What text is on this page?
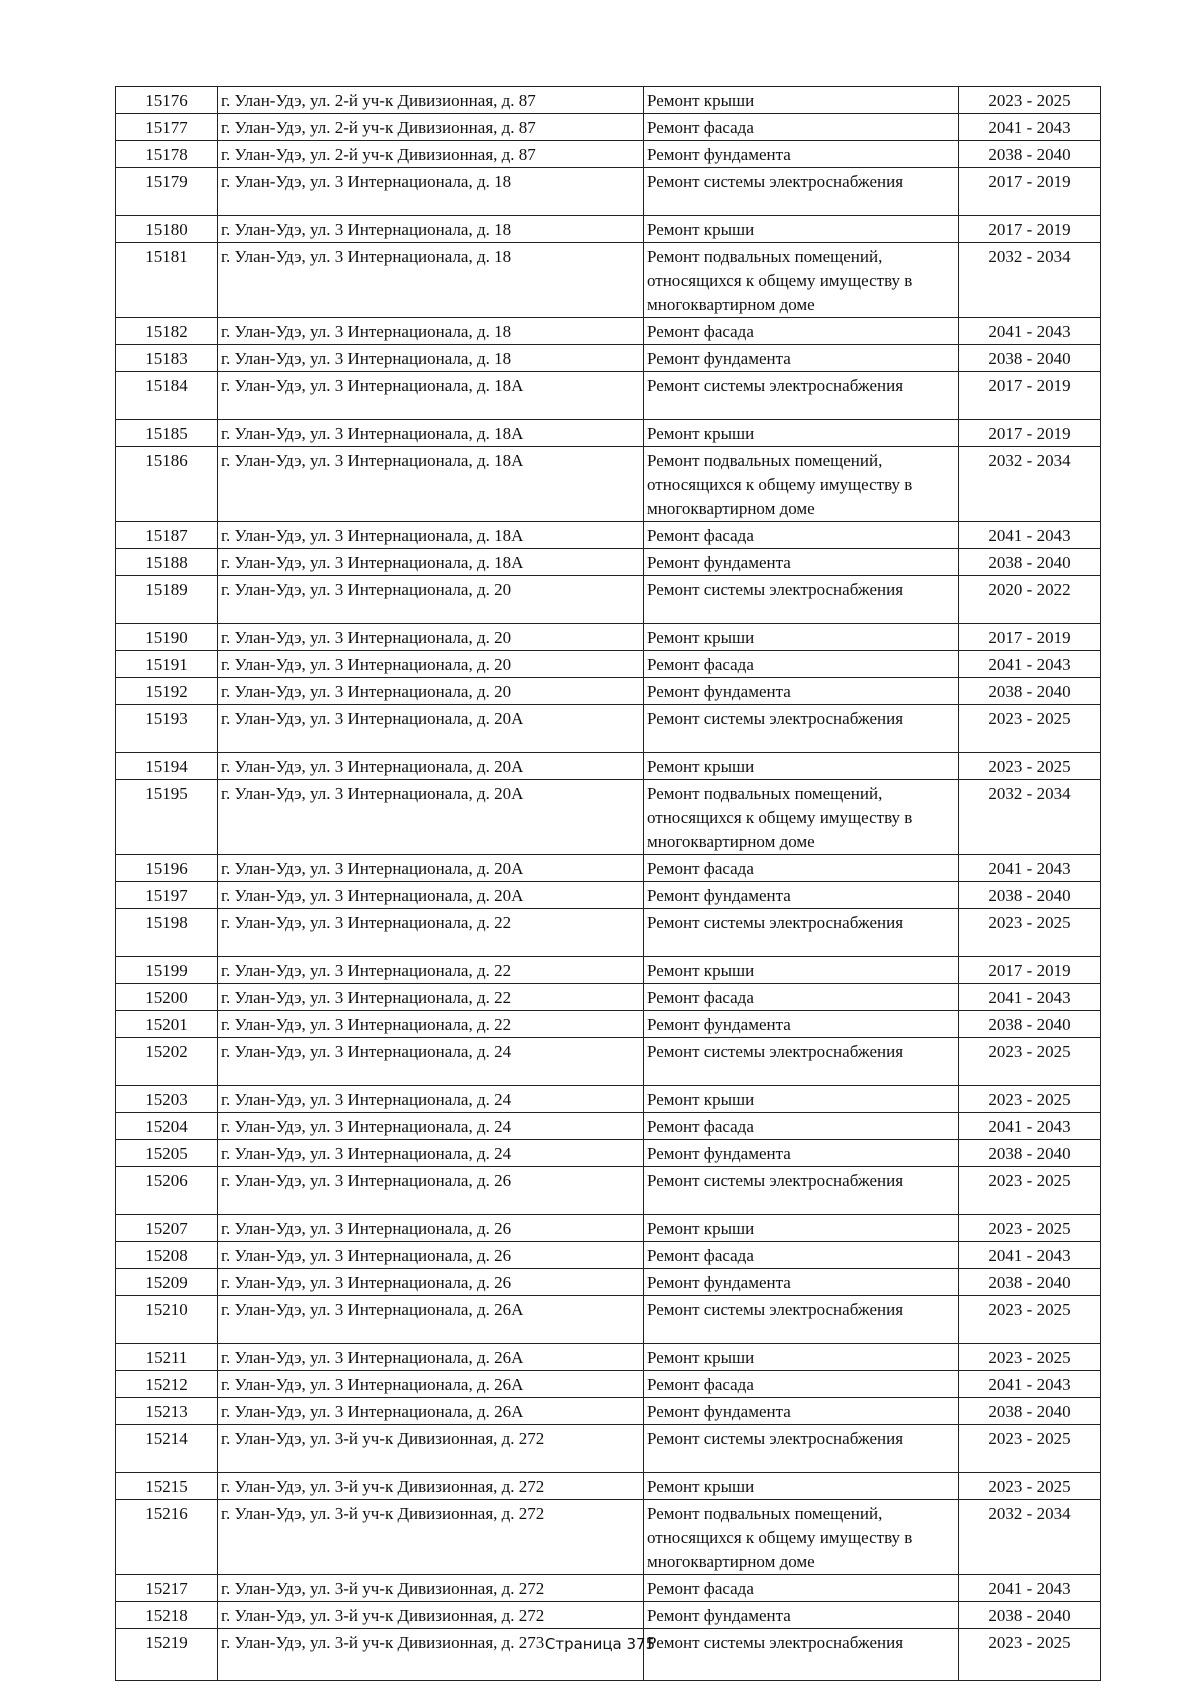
15176	г. Улан-Удэ, ул. 2-й уч-к Дивизионная, д. 87	Ремонт крыши	2023 - 2025
15177	г. Улан-Удэ, ул. 2-й уч-к Дивизионная, д. 87	Ремонт фасада	2041 - 2043
15178	г. Улан-Удэ, ул. 2-й уч-к Дивизионная, д. 87	Ремонт фундамента	2038 - 2040
15179	г. Улан-Удэ, ул. 3 Интернационала, д. 18	Ремонт системы электроснабжения	2017 - 2019
15180	г. Улан-Удэ, ул. 3 Интернационала, д. 18	Ремонт крыши	2017 - 2019
15181	г. Улан-Удэ, ул. 3 Интернационала, д. 18	Ремонт подвальных помещений, относящихся к общему имуществу в многоквартирном доме	2032 - 2034
15182	г. Улан-Удэ, ул. 3 Интернационала, д. 18	Ремонт фасада	2041 - 2043
15183	г. Улан-Удэ, ул. 3 Интернационала, д. 18	Ремонт фундамента	2038 - 2040
15184	г. Улан-Удэ, ул. 3 Интернационала, д. 18А	Ремонт системы электроснабжения	2017 - 2019
15185	г. Улан-Удэ, ул. 3 Интернационала, д. 18А	Ремонт крыши	2017 - 2019
15186	г. Улан-Удэ, ул. 3 Интернационала, д. 18А	Ремонт подвальных помещений, относящихся к общему имуществу в многоквартирном доме	2032 - 2034
15187	г. Улан-Удэ, ул. 3 Интернационала, д. 18А	Ремонт фасада	2041 - 2043
15188	г. Улан-Удэ, ул. 3 Интернационала, д. 18А	Ремонт фундамента	2038 - 2040
15189	г. Улан-Удэ, ул. 3 Интернационала, д. 20	Ремонт системы электроснабжения	2020 - 2022
15190	г. Улан-Удэ, ул. 3 Интернационала, д. 20	Ремонт крыши	2017 - 2019
15191	г. Улан-Удэ, ул. 3 Интернационала, д. 20	Ремонт фасада	2041 - 2043
15192	г. Улан-Удэ, ул. 3 Интернационала, д. 20	Ремонт фундамента	2038 - 2040
15193	г. Улан-Удэ, ул. 3 Интернационала, д. 20А	Ремонт системы электроснабжения	2023 - 2025
15194	г. Улан-Удэ, ул. 3 Интернационала, д. 20А	Ремонт крыши	2023 - 2025
15195	г. Улан-Удэ, ул. 3 Интернационала, д. 20А	Ремонт подвальных помещений, относящихся к общему имуществу в многоквартирном доме	2032 - 2034
15196	г. Улан-Удэ, ул. 3 Интернационала, д. 20А	Ремонт фасада	2041 - 2043
15197	г. Улан-Удэ, ул. 3 Интернационала, д. 20А	Ремонт фундамента	2038 - 2040
15198	г. Улан-Удэ, ул. 3 Интернационала, д. 22	Ремонт системы электроснабжения	2023 - 2025
15199	г. Улан-Удэ, ул. 3 Интернационала, д. 22	Ремонт крыши	2017 - 2019
15200	г. Улан-Удэ, ул. 3 Интернационала, д. 22	Ремонт фасада	2041 - 2043
15201	г. Улан-Удэ, ул. 3 Интернационала, д. 22	Ремонт фундамента	2038 - 2040
15202	г. Улан-Удэ, ул. 3 Интернационала, д. 24	Ремонт системы электроснабжения	2023 - 2025
15203	г. Улан-Удэ, ул. 3 Интернационала, д. 24	Ремонт крыши	2023 - 2025
15204	г. Улан-Удэ, ул. 3 Интернационала, д. 24	Ремонт фасада	2041 - 2043
15205	г. Улан-Удэ, ул. 3 Интернационала, д. 24	Ремонт фундамента	2038 - 2040
15206	г. Улан-Удэ, ул. 3 Интернационала, д. 26	Ремонт системы электроснабжения	2023 - 2025
15207	г. Улан-Удэ, ул. 3 Интернационала, д. 26	Ремонт крыши	2023 - 2025
15208	г. Улан-Удэ, ул. 3 Интернационала, д. 26	Ремонт фасада	2041 - 2043
15209	г. Улан-Удэ, ул. 3 Интернационала, д. 26	Ремонт фундамента	2038 - 2040
15210	г. Улан-Удэ, ул. 3 Интернационала, д. 26А	Ремонт системы электроснабжения	2023 - 2025
15211	г. Улан-Удэ, ул. 3 Интернационала, д. 26А	Ремонт крыши	2023 - 2025
15212	г. Улан-Удэ, ул. 3 Интернационала, д. 26А	Ремонт фасада	2041 - 2043
15213	г. Улан-Удэ, ул. 3 Интернационала, д. 26А	Ремонт фундамента	2038 - 2040
15214	г. Улан-Удэ, ул. 3-й уч-к Дивизионная, д. 272	Ремонт системы электроснабжения	2023 - 2025
15215	г. Улан-Удэ, ул. 3-й уч-к Дивизионная, д. 272	Ремонт крыши	2023 - 2025
15216	г. Улан-Удэ, ул. 3-й уч-к Дивизионная, д. 272	Ремонт подвальных помещений, относящихся к общему имуществу в многоквартирном доме	2032 - 2034
15217	г. Улан-Удэ, ул. 3-й уч-к Дивизионная, д. 272	Ремонт фасада	2041 - 2043
15218	г. Улан-Удэ, ул. 3-й уч-к Дивизионная, д. 272	Ремонт фундамента	2038 - 2040
15219	г. Улан-Удэ, ул. 3-й уч-к Дивизионная, д. 273	Ремонт системы электроснабжения	2023 - 2025
Страница 375
